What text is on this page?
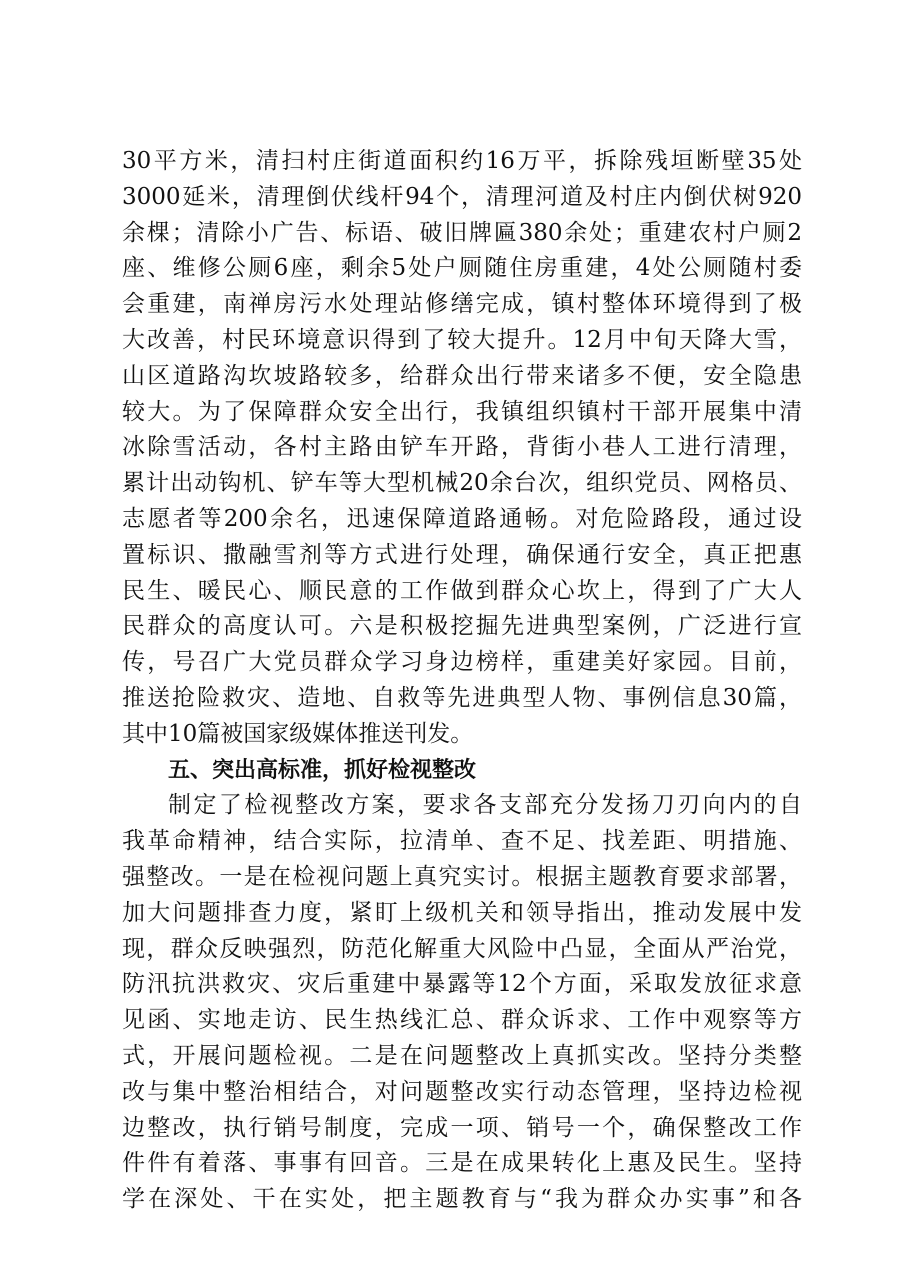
30平方米，清扫村庄街道面积约16万平，拆除残垣断壁35处
3000延米，清理倒伏线杆94个，清理河道及村庄内倒伏树920
余棵；清除小广告、标语、破旧牌匾380余处；重建农村户厕2
座、维修公厕6座，剩余5处户厕随住房重建，4处公厕随村委
会重建，南禅房污水处理站修缮完成，镇村整体环境得到了极
大改善，村民环境意识得到了较大提升。12月中旬天降大雪，
山区道路沟坎坡路较多，给群众出行带来诸多不便，安全隐患
较大。为了保障群众安全出行，我镇组织镇村干部开展集中清
冰除雪活动，各村主路由铲车开路，背街小巷人工进行清理，
累计出动钩机、铲车等大型机械20余台次，组织党员、网格员、
志愿者等200余名，迅速保障道路通畅。对危险路段，通过设
置标识、撒融雪剂等方式进行处理，确保通行安全，真正把惠
民生、暖民心、顺民意的工作做到群众心坎上，得到了广大人
民群众的高度认可。六是积极挖掘先进典型案例，广泛进行宣
传，号召广大党员群众学习身边榜样，重建美好家园。目前，
推送抢险救灾、造地、自救等先进典型人物、事例信息30篇，
其中10篇被国家级媒体推送刊发。
五、突出高标准，抓好检视整改
制定了检视整改方案，要求各支部充分发扬刀刃向内的自
我革命精神，结合实际，拉清单、查不足、找差距、明措施、
强整改。一是在检视问题上真究实讨。根据主题教育要求部署，
加大问题排查力度，紧盯上级机关和领导指出，推动发展中发
现，群众反映强烈，防范化解重大风险中凸显，全面从严治党，
防汛抗洪救灾、灾后重建中暴露等12个方面，采取发放征求意
见函、实地走访、民生热线汇总、群众诉求、工作中观察等方
式，开展问题检视。二是在问题整改上真抓实改。坚持分类整
改与集中整治相结合，对问题整改实行动态管理，坚持边检视
边整改，执行销号制度，完成一项、销号一个，确保整改工作
件件有着落、事事有回音。三是在成果转化上惠及民生。坚持
学在深处、干在实处，把主题教育与“我为群众办实事”和各
